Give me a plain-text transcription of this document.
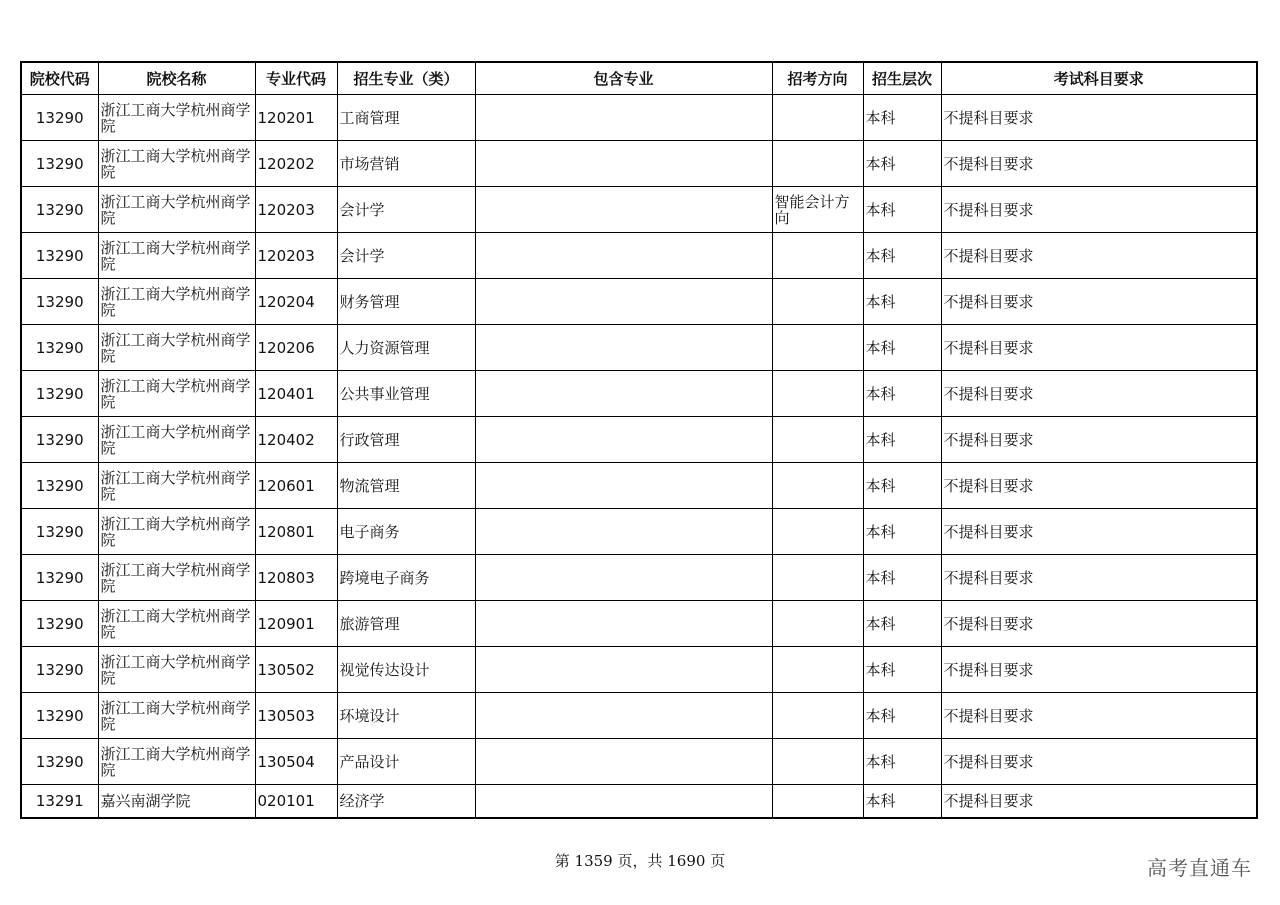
院校代码	院校名称	专业代码	招生专业（类）	包含专业	招考方向	招生层次	考试科目要求
13290	浙江工商大学杭州商学院	120201	工商管理			本科	不提科目要求
13290	浙江工商大学杭州商学院	120202	市场营销			本科	不提科目要求
13290	浙江工商大学杭州商学院	120203	会计学		智能会计方向	本科	不提科目要求
13290	浙江工商大学杭州商学院	120203	会计学			本科	不提科目要求
13290	浙江工商大学杭州商学院	120204	财务管理			本科	不提科目要求
13290	浙江工商大学杭州商学院	120206	人力资源管理			本科	不提科目要求
13290	浙江工商大学杭州商学院	120401	公共事业管理			本科	不提科目要求
13290	浙江工商大学杭州商学院	120402	行政管理			本科	不提科目要求
13290	浙江工商大学杭州商学院	120601	物流管理			本科	不提科目要求
13290	浙江工商大学杭州商学院	120801	电子商务			本科	不提科目要求
13290	浙江工商大学杭州商学院	120803	跨境电子商务			本科	不提科目要求
13290	浙江工商大学杭州商学院	120901	旅游管理			本科	不提科目要求
13290	浙江工商大学杭州商学院	130502	视觉传达设计			本科	不提科目要求
13290	浙江工商大学杭州商学院	130503	环境设计			本科	不提科目要求
13290	浙江工商大学杭州商学院	130504	产品设计			本科	不提科目要求
13291	嘉兴南湖学院	020101	经济学			本科	不提科目要求
第 1359 页，共 1690 页	高考直通车
